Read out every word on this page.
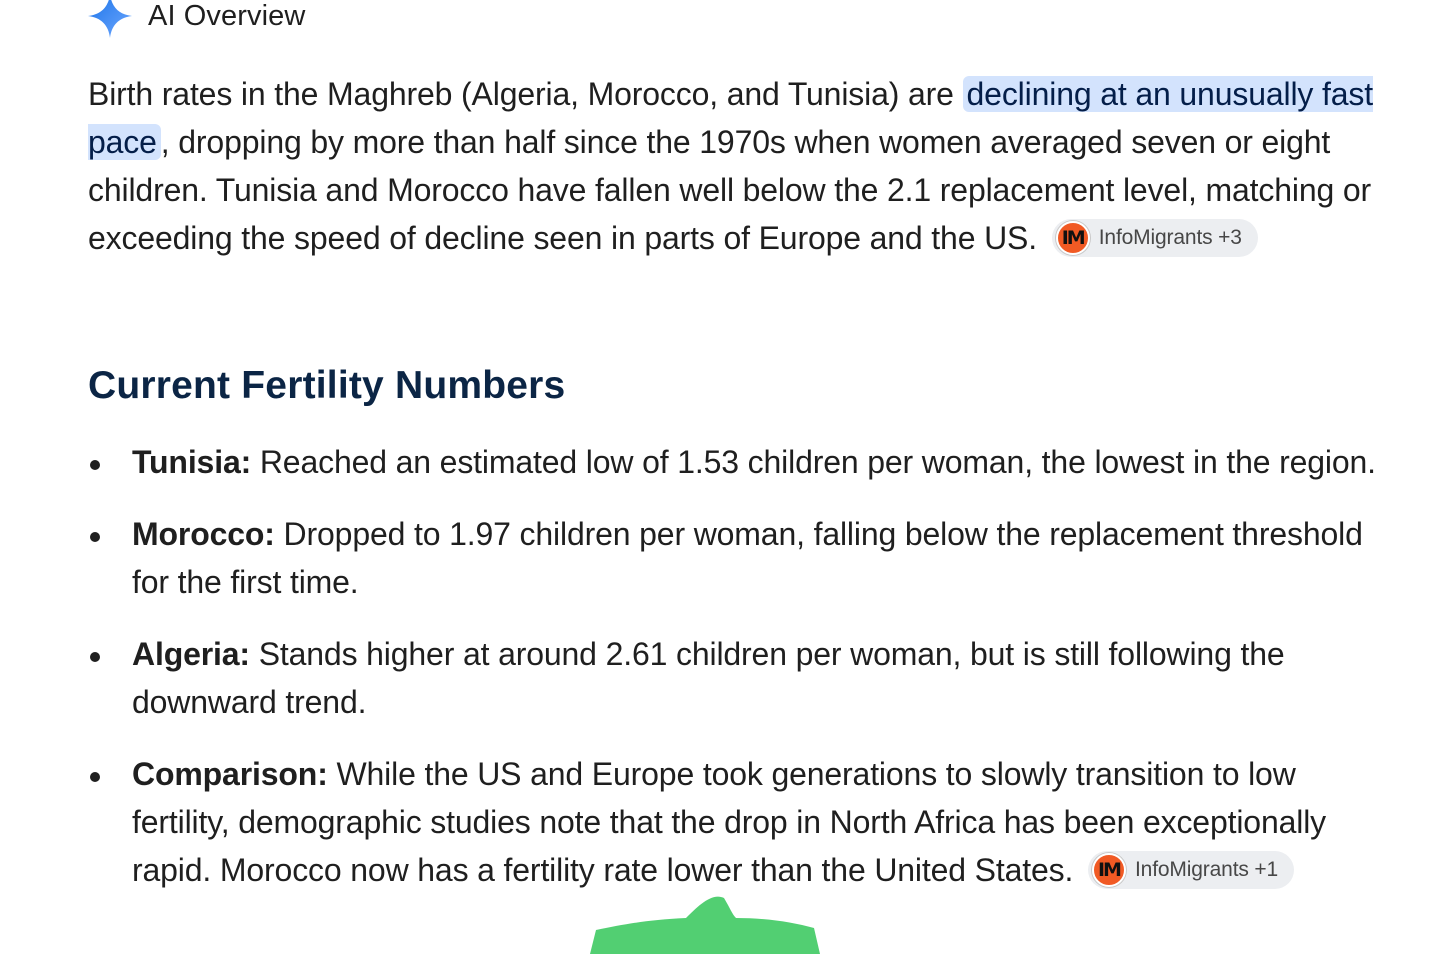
AI Overview
Birth rates in the Maghreb (Algeria, Morocco, and Tunisia) are declining at an unusually fast pace , dropping by more than half since the 1970s when women averaged seven or eight children. Tunisia and Morocco have fallen well below the 2.1 replacement level, matching or exceeding the speed of decline seen in parts of Europe and the US.	IM InfoMigrants +3
Current Fertility Numbers
Tunisia: Reached an estimated low of 1.53 children per woman, the lowest in the region.
Morocco: Dropped to 1.97 children per woman, falling below the replacement threshold for the first time.
Algeria: Stands higher at around 2.61 children per woman, but is still following the downward trend.
Comparison: While the US and Europe took generations to slowly transition to low fertility, demographic studies note that the drop in North Africa has been exceptionally rapid. Morocco now has a fertility rate lower than the United States.	IM InfoMigrants +1
